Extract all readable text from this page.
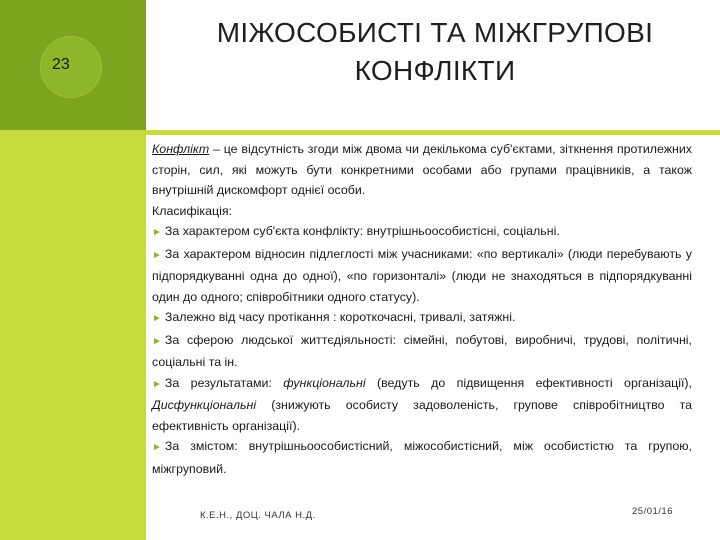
23
МІЖОСОБИСТІ ТА МІЖГРУПОВІ
КОНФЛІКТИ

Конфлікт – це відсутність згоди між двома чи декількома суб'єктами, зіткнення протилежних сторін, сил, які можуть бути конкретними особами або групами працівників, а також внутрішній дискомфорт однієї особи.

Класифікація:

► За характером суб'єкта конфлікту: внутрішньоособистісні, соціальні.

► За характером відносин підлеглості між учасниками: «по вертикалі» (люди перебувають у підпорядкуванні одна до одної), «по горизонталі» (люди не знаходяться в підпорядкуванні один до одного; співробітники одного статусу).

► Залежно від часу протікання : короткочасні, тривалі, затяжні.

► За сферою людської життєдіяльності: сімейні, побутові, виробничі, трудові, політичні, соціальні та ін.

► За результатами: функціональні (ведуть до підвищення ефективності організації), Дисфункціональні (знижують особисту задоволеність, групове співробітництво та ефективність організації).

► За змістом: внутрішньоособистісний, міжособистісний, між особистістю та групою, міжгруповий.

К.Е.Н., ДОЦ. ЧАЛА Н.Д.	25/01/16
